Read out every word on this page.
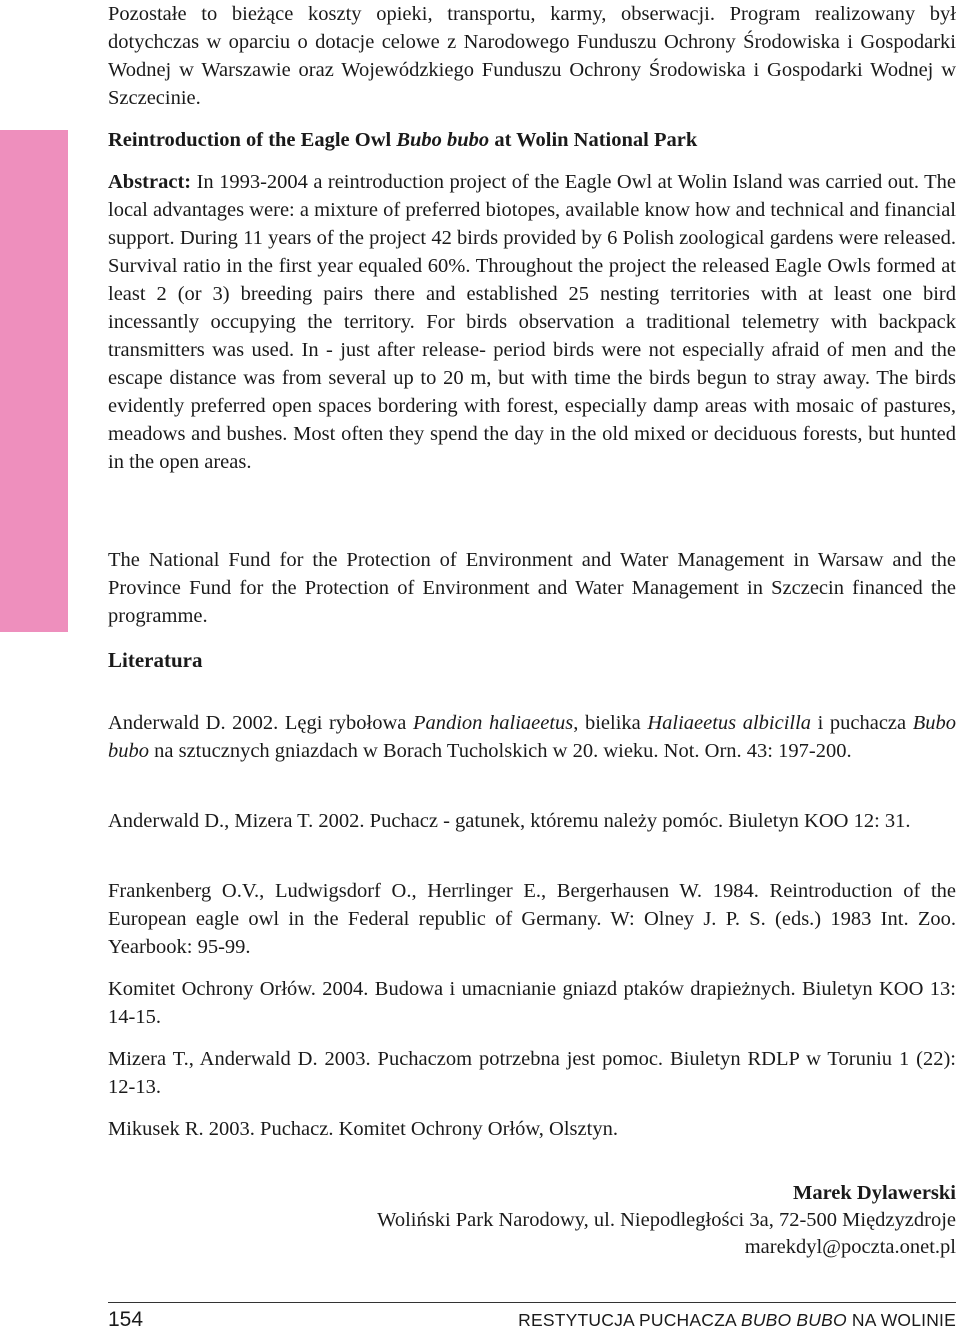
Pozostałe to bieżące koszty opieki, transportu, karmy, obserwacji. Program realizowany był dotychczas w oparciu o dotacje celowe z Narodowego Funduszu Ochrony Środowiska i Gospodarki Wodnej w Warszawie oraz Wojewódzkiego Funduszu Ochrony Środowiska i Gospodarki Wodnej w Szczecinie.

Reintroduction of the Eagle Owl Bubo bubo at Wolin National Park

Abstract: In 1993-2004 a reintroduction project of the Eagle Owl at Wolin Island was carried out. The local advantages were: a mixture of preferred biotopes, available know how and technical and financial support. During 11 years of the project 42 birds provided by 6 Polish zoological gardens were released. Survival ratio in the first year equaled 60%. Throughout the project the released Eagle Owls formed at least 2 (or 3) breeding pairs there and established 25 nesting territories with at least one bird incessantly occupying the territory. For birds observation a traditional telemetry with backpack transmitters was used. In - just after release- period birds were not especially afraid of men and the escape distance was from several up to 20 m, but with time the birds begun to stray away. The birds evidently preferred open spaces bordering with forest, especially damp areas with mosaic of pastures, meadows and bushes. Most often they spend the day in the old mixed or deciduous forests, but hunted in the open areas.

The National Fund for the Protection of Environment and Water Management in Warsaw and the Province Fund for the Protection of Environment and Water Management in Szczecin financed the programme.

Literatura

Anderwald D. 2002. Lęgi rybołowa Pandion haliaeetus, bielika Haliaeetus albicilla i puchacza Bubo bubo na sztucznych gniazdach w Borach Tucholskich w 20. wieku. Not. Orn. 43: 197-200.

Anderwald D., Mizera T. 2002. Puchacz - gatunek, któremu należy pomóc. Biuletyn KOO 12: 31.

Frankenberg O.V., Ludwigsdorf O., Herrlinger E., Bergerhausen W. 1984. Reintroduction of the European eagle owl in the Federal republic of Germany. W: Olney J. P. S. (eds.) 1983 Int. Zoo. Yearbook: 95-99.

Komitet Ochrony Orłów. 2004. Budowa i umacnianie gniazd ptaków drapieżnych. Biuletyn KOO 13: 14-15.

Mizera T., Anderwald D. 2003. Puchaczom potrzebna jest pomoc. Biuletyn RDLP w Toruniu 1 (22): 12-13.

Mikusek R. 2003. Puchacz. Komitet Ochrony Orłów, Olsztyn.

Marek Dylawerski
Woliński Park Narodowy, ul. Niepodległości 3a, 72-500 Międzyzdroje
marekdyl@poczta.onet.pl
154	RESTYTUCJA PUCHACZA BUBO BUBO NA WOLINIE
